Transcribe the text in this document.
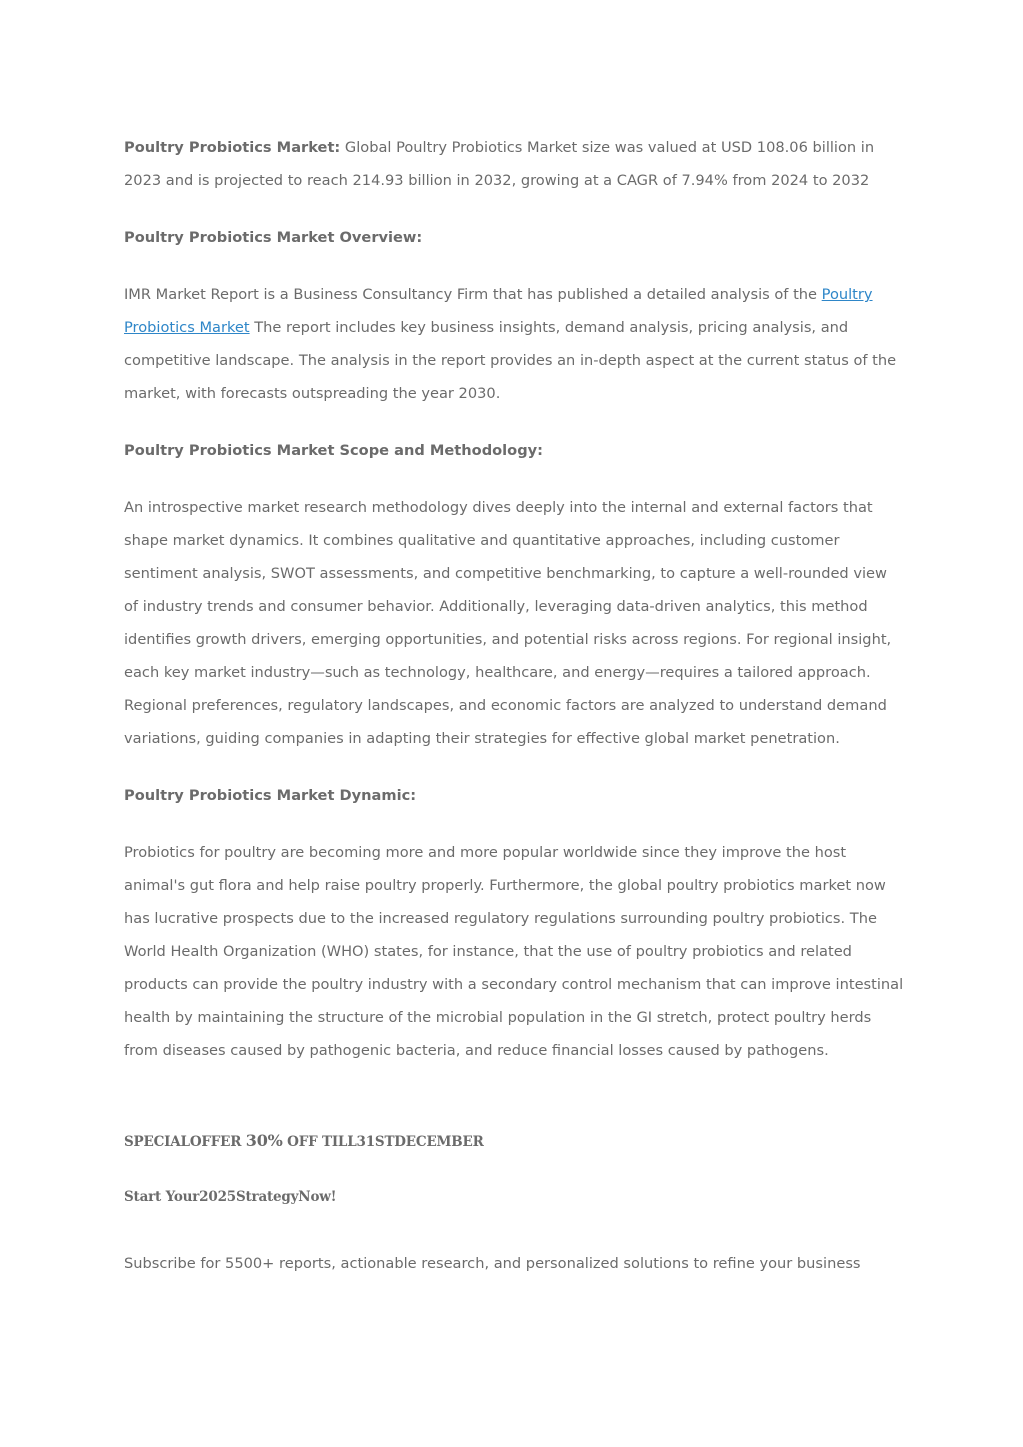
Poultry Probiotics Market: Global Poultry Probiotics Market size was valued at USD 108.06 billion in 2023 and is projected to reach 214.93 billion in 2032, growing at a CAGR of 7.94% from 2024 to 2032

Poultry Probiotics Market Overview:

IMR Market Report is a Business Consultancy Firm that has published a detailed analysis of the Poultry Probiotics Market The report includes key business insights, demand analysis, pricing analysis, and competitive landscape. The analysis in the report provides an in-depth aspect at the current status of the market, with forecasts outspreading the year 2030.

Poultry Probiotics Market Scope and Methodology:

An introspective market research methodology dives deeply into the internal and external factors that shape market dynamics. It combines qualitative and quantitative approaches, including customer sentiment analysis, SWOT assessments, and competitive benchmarking, to capture a well-rounded view of industry trends and consumer behavior. Additionally, leveraging data-driven analytics, this method identifies growth drivers, emerging opportunities, and potential risks across regions. For regional insight, each key market industry—such as technology, healthcare, and energy—requires a tailored approach. Regional preferences, regulatory landscapes, and economic factors are analyzed to understand demand variations, guiding companies in adapting their strategies for effective global market penetration.

Poultry Probiotics Market Dynamic:

Probiotics for poultry are becoming more and more popular worldwide since they improve the host animal's gut flora and help raise poultry properly. Furthermore, the global poultry probiotics market now has lucrative prospects due to the increased regulatory regulations surrounding poultry probiotics. The World Health Organization (WHO) states, for instance, that the use of poultry probiotics and related products can provide the poultry industry with a secondary control mechanism that can improve intestinal health by maintaining the structure of the microbial population in the GI stretch, protect poultry herds from diseases caused by pathogenic bacteria, and reduce financial losses caused by pathogens.

SPECIALOFFER 30% OFF TILL31STDECEMBER

Start Your2025StrategyNow!

Subscribe for 5500+ reports, actionable research, and personalized solutions to refine your business
